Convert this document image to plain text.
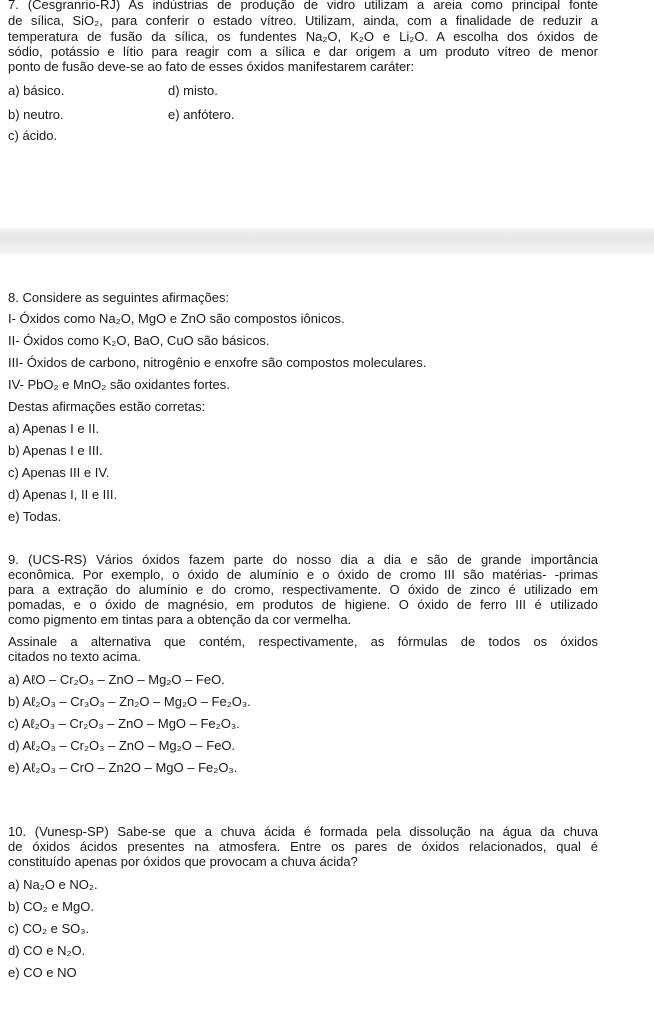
7. (Cesgranrio-RJ) As indústrias de produção de vidro utilizam a areia como principal fonte
de sílica, SiO₂, para conferir o estado vítreo. Utilizam, ainda, com a finalidade de reduzir a
temperatura de fusão da sílica, os fundentes Na₂O, K₂O e Li₂O. A escolha dos óxidos de
sódio, potássio e lítio para reagir com a sílica e dar origem a um produto vítreo de menor
ponto de fusão deve-se ao fato de esses óxidos manifestarem caráter:
a) básico.	d) misto.
b) neutro.	e) anfótero.
c) ácido.
8. Considere as seguintes afirmações:
I- Óxidos como Na₂O, MgO e ZnO são compostos iônicos.
II- Óxidos como K₂O, BaO, CuO são básicos.
III- Óxidos de carbono, nitrogênio e enxofre são compostos moleculares.
IV- PbO₂ e MnO₂ são oxidantes fortes.
Destas afirmações estão corretas:
a) Apenas I e II.
b) Apenas I e III.
c) Apenas III e IV.
d) Apenas I, II e III.
e) Todas.
9. (UCS-RS) Vários óxidos fazem parte do nosso dia a dia e são de grande importância
econômica. Por exemplo, o óxido de alumínio e o óxido de cromo III são matérias- -primas
para a extração do alumínio e do cromo, respectivamente. O óxido de zinco é utilizado em
pomadas, e o óxido de magnésio, em produtos de higiene. O óxido de ferro III é utilizado
como pigmento em tintas para a obtenção da cor vermelha.
Assinale a alternativa que contém, respectivamente, as fórmulas de todos os óxidos
citados no texto acima.
a) AℓO – Cr₂O₃ – ZnO – Mg₂O – FeO.
b) Aℓ₂O₃ – Cr₃O₃ – Zn₂O – Mg₂O – Fe₂O₃.
c) Aℓ₂O₃ – Cr₂O₃ – ZnO – MgO – Fe₂O₃.
d) Aℓ₂O₃ – Cr₂O₃ – ZnO – Mg₂O – FeO.
e) Aℓ₂O₃ – CrO – Zn2O – MgO – Fe₂O₃.
10. (Vunesp-SP) Sabe-se que a chuva ácida é formada pela dissolução na água da chuva
de óxidos ácidos presentes na atmosfera. Entre os pares de óxidos relacionados, qual é
constituído apenas por óxidos que provocam a chuva ácida?
a) Na₂O e NO₂.
b) CO₂ e MgO.
c) CO₂ e SO₃.
d) CO e N₂O.
e) CO e NO
